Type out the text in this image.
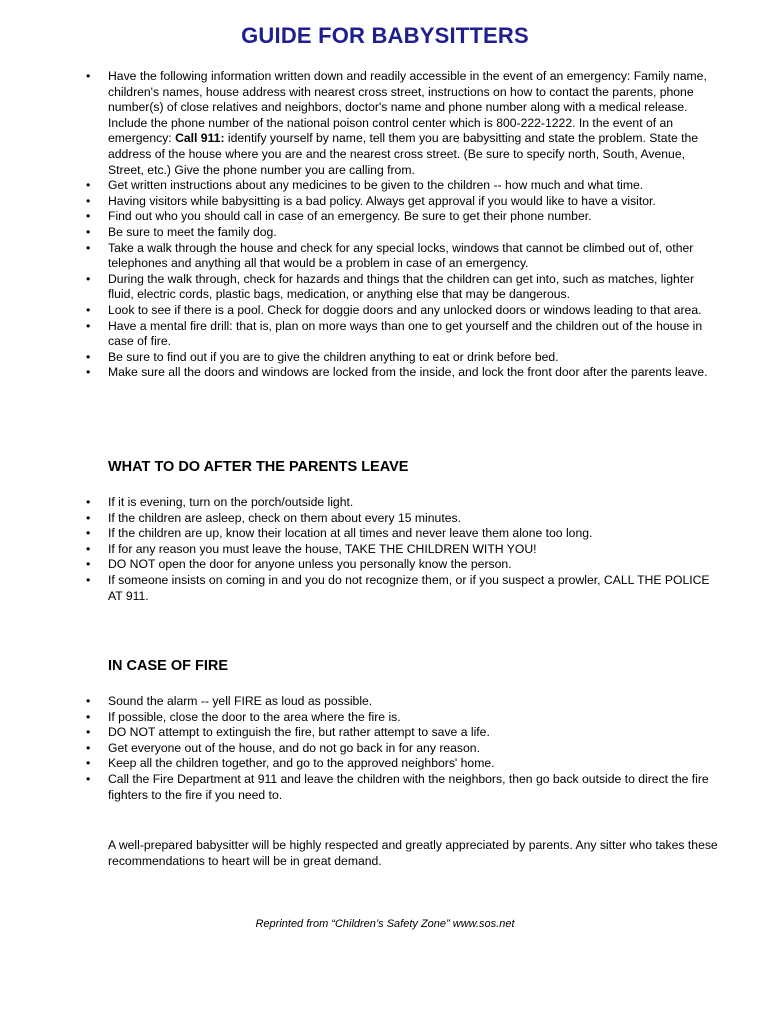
GUIDE FOR BABYSITTERS
• Have the following information written down and readily accessible in the event of an emergency: Family name, children's names, house address with nearest cross street, instructions on how to contact the parents, phone number(s) of close relatives and neighbors, doctor's name and phone number along with a medical release. Include the phone number of the national poison control center which is 800-222-1222. In the event of an emergency: Call 911: identify yourself by name, tell them you are babysitting and state the problem. State the address of the house where you are and the nearest cross street. (Be sure to specify north, South, Avenue, Street, etc.) Give the phone number you are calling from.
• Get written instructions about any medicines to be given to the children -- how much and what time.
• Having visitors while babysitting is a bad policy. Always get approval if you would like to have a visitor.
• Find out who you should call in case of an emergency. Be sure to get their phone number.
• Be sure to meet the family dog.
• Take a walk through the house and check for any special locks, windows that cannot be climbed out of, other telephones and anything all that would be a problem in case of an emergency.
• During the walk through, check for hazards and things that the children can get into, such as matches, lighter fluid, electric cords, plastic bags, medication, or anything else that may be dangerous.
• Look to see if there is a pool. Check for doggie doors and any unlocked doors or windows leading to that area.
• Have a mental fire drill: that is, plan on more ways than one to get yourself and the children out of the house in case of fire.
• Be sure to find out if you are to give the children anything to eat or drink before bed.
• Make sure all the doors and windows are locked from the inside, and lock the front door after the parents leave.
WHAT TO DO AFTER THE PARENTS LEAVE
• If it is evening, turn on the porch/outside light.
• If the children are asleep, check on them about every 15 minutes.
• If the children are up, know their location at all times and never leave them alone too long.
• If for any reason you must leave the house, TAKE THE CHILDREN WITH YOU!
• DO NOT open the door for anyone unless you personally know the person.
• If someone insists on coming in and you do not recognize them, or if you suspect a prowler, CALL THE POLICE AT 911.
IN CASE OF FIRE
• Sound the alarm -- yell FIRE as loud as possible.
• If possible, close the door to the area where the fire is.
• DO NOT attempt to extinguish the fire, but rather attempt to save a life.
• Get everyone out of the house, and do not go back in for any reason.
• Keep all the children together, and go to the approved neighbors' home.
• Call the Fire Department at 911 and leave the children with the neighbors, then go back outside to direct the fire fighters to the fire if you need to.

A well-prepared babysitter will be highly respected and greatly appreciated by parents. Any sitter who takes these recommendations to heart will be in great demand.

Reprinted from “Children’s Safety Zone” www.sos.net
